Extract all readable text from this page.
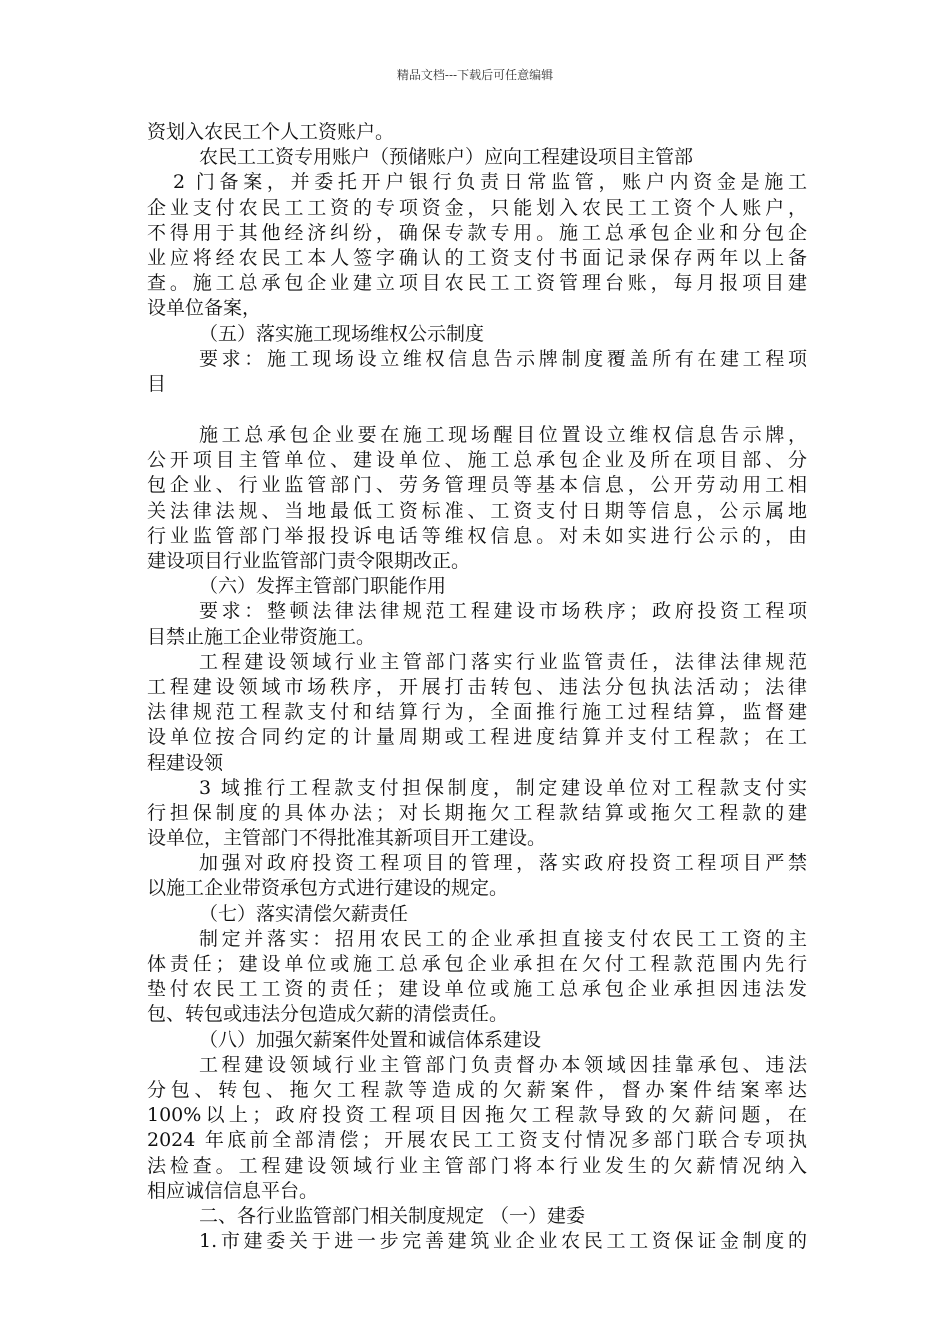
精品文档---下载后可任意编辑
资划入农民工个人工资账户。
农民工工资专用账户（预储账户）应向工程建设项目主管部
2 门备案，并委托开户银行负责日常监管，账户内资金是施工
企业支付农民工工资的专项资金，只能划入农民工工资个人账户，
不得用于其他经济纠纷，确保专款专用。施工总承包企业和分包企
业应将经农民工本人签字确认的工资支付书面记录保存两年以上备
查。施工总承包企业建立项目农民工工资管理台账，每月报项目建
设单位备案，
（五）落实施工现场维权公示制度
要求：施工现场设立维权信息告示牌制度覆盖所有在建工程项
目
施工总承包企业要在施工现场醒目位置设立维权信息告示牌，
公开项目主管单位、建设单位、施工总承包企业及所在项目部、分
包企业、行业监管部门、劳务管理员等基本信息，公开劳动用工相
关法律法规、当地最低工资标准、工资支付日期等信息，公示属地
行业监管部门举报投诉电话等维权信息。对未如实进行公示的，由
建设项目行业监管部门责令限期改正。
（六）发挥主管部门职能作用
要求：整顿法律法律规范工程建设市场秩序；政府投资工程项
目禁止施工企业带资施工。
工程建设领域行业主管部门落实行业监管责任，法律法律规范
工程建设领域市场秩序，开展打击转包、违法分包执法活动；法律
法律规范工程款支付和结算行为，全面推行施工过程结算，监督建
设单位按合同约定的计量周期或工程进度结算并支付工程款；在工
程建设领
3 域推行工程款支付担保制度，制定建设单位对工程款支付实
行担保制度的具体办法；对长期拖欠工程款结算或拖欠工程款的建
设单位，主管部门不得批准其新项目开工建设。
加强对政府投资工程项目的管理，落实政府投资工程项目严禁
以施工企业带资承包方式进行建设的规定。
（七）落实清偿欠薪责任
制定并落实：招用农民工的企业承担直接支付农民工工资的主
体责任；建设单位或施工总承包企业承担在欠付工程款范围内先行
垫付农民工工资的责任；建设单位或施工总承包企业承担因违法发
包、转包或违法分包造成欠薪的清偿责任。
（八）加强欠薪案件处置和诚信体系建设
工程建设领域行业主管部门负责督办本领域因挂靠承包、违法
分包、转包、拖欠工程款等造成的欠薪案件，督办案件结案率达
100%以上；政府投资工程项目因拖欠工程款导致的欠薪问题，在
2024 年底前全部清偿；开展农民工工资支付情况多部门联合专项执
法检查。工程建设领域行业主管部门将本行业发生的欠薪情况纳入
相应诚信信息平台。
二、各行业监管部门相关制度规定 （一）建委
1.市建委关于进一步完善建筑业企业农民工工资保证金制度的
